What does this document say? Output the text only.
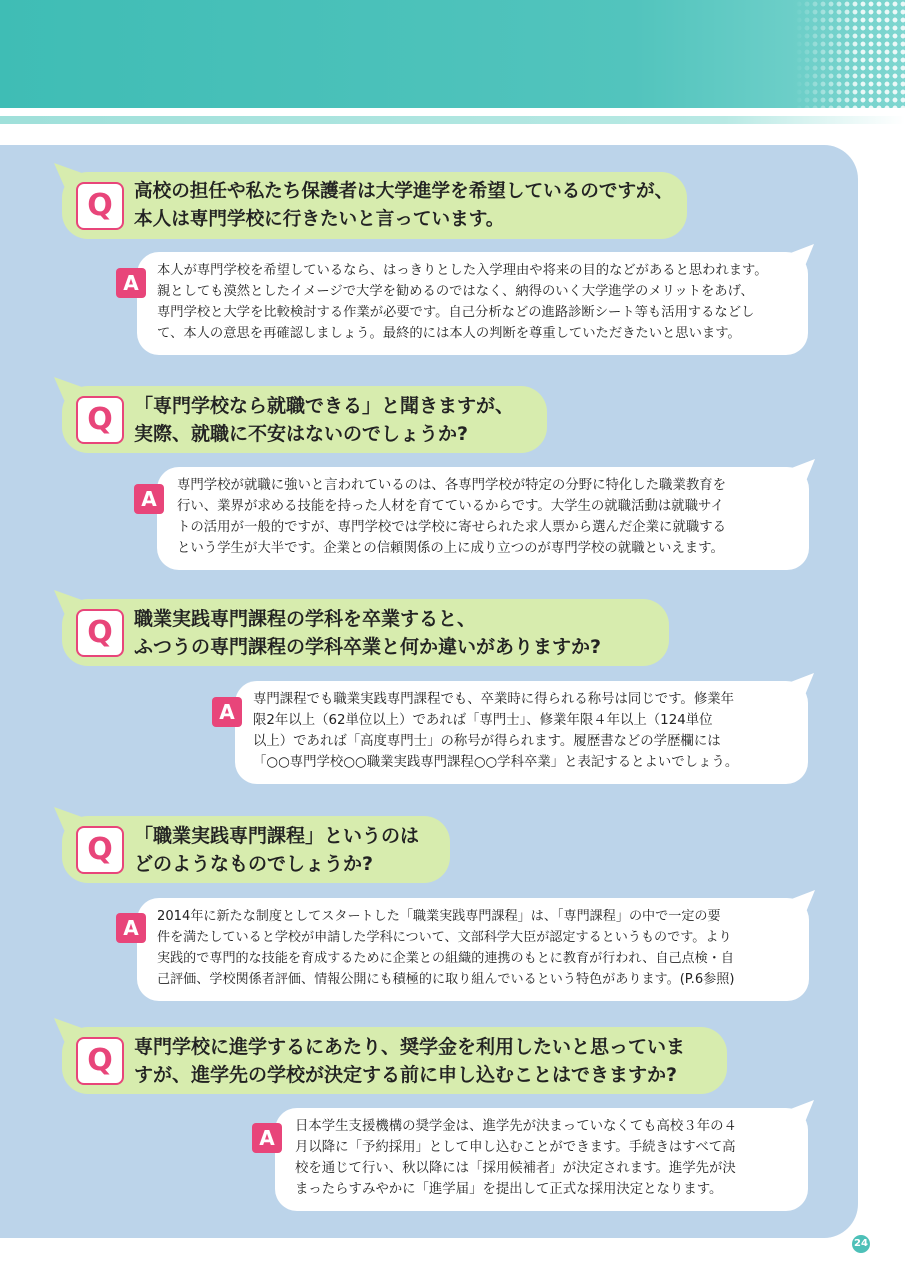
Q	高校の担任や私たち保護者は大学進学を希望しているのですが、
本人は専門学校に行きたいと言っています。
本人が専門学校を希望しているなら、はっきりとした入学理由や将来の目的などがあると思われます。
親としても漠然としたイメージで大学を勧めるのではなく、納得のいく大学進学のメリットをあげ、
専門学校と大学を比較検討する作業が必要です。自己分析などの進路診断シート等も活用するなどし
て、本人の意思を再確認しましょう。最終的には本人の判断を尊重していただきたいと思います。
A
Q	「専門学校なら就職できる」と聞きますが、
実際、就職に不安はないのでしょうか?
専門学校が就職に強いと言われているのは、各専門学校が特定の分野に特化した職業教育を
行い、業界が求める技能を持った人材を育てているからです。大学生の就職活動は就職サイ
トの活用が一般的ですが、専門学校では学校に寄せられた求人票から選んだ企業に就職する
という学生が大半です。企業との信頼関係の上に成り立つのが専門学校の就職といえます。
A
Q	職業実践専門課程の学科を卒業すると、
ふつうの専門課程の学科卒業と何か違いがありますか?
専門課程でも職業実践専門課程でも、卒業時に得られる称号は同じです。修業年
限2年以上（62単位以上）であれば「専門士」、修業年限４年以上（124単位
以上）であれば「高度専門士」の称号が得られます。履歴書などの学歴欄には
「○○専門学校○○職業実践専門課程○○学科卒業」と表記するとよいでしょう。
A
Q	「職業実践専門課程」というのは
どのようなものでしょうか?
2014年に新たな制度としてスタートした「職業実践専門課程」は、「専門課程」の中で一定の要
件を満たしていると学校が申請した学科について、文部科学大臣が認定するというものです。より
実践的で専門的な技能を育成するために企業との組織的連携のもとに教育が行われ、自己点検・自
己評価、学校関係者評価、情報公開にも積極的に取り組んでいるという特色があります。(P.6参照)
A
Q	専門学校に進学するにあたり、奨学金を利用したいと思っていま
すが、進学先の学校が決定する前に申し込むことはできますか?
日本学生支援機構の奨学金は、進学先が決まっていなくても高校３年の４
月以降に「予約採用」として申し込むことができます。手続きはすべて高
校を通じて行い、秋以降には「採用候補者」が決定されます。進学先が決
まったらすみやかに「進学届」を提出して正式な採用決定となります。
A
24
